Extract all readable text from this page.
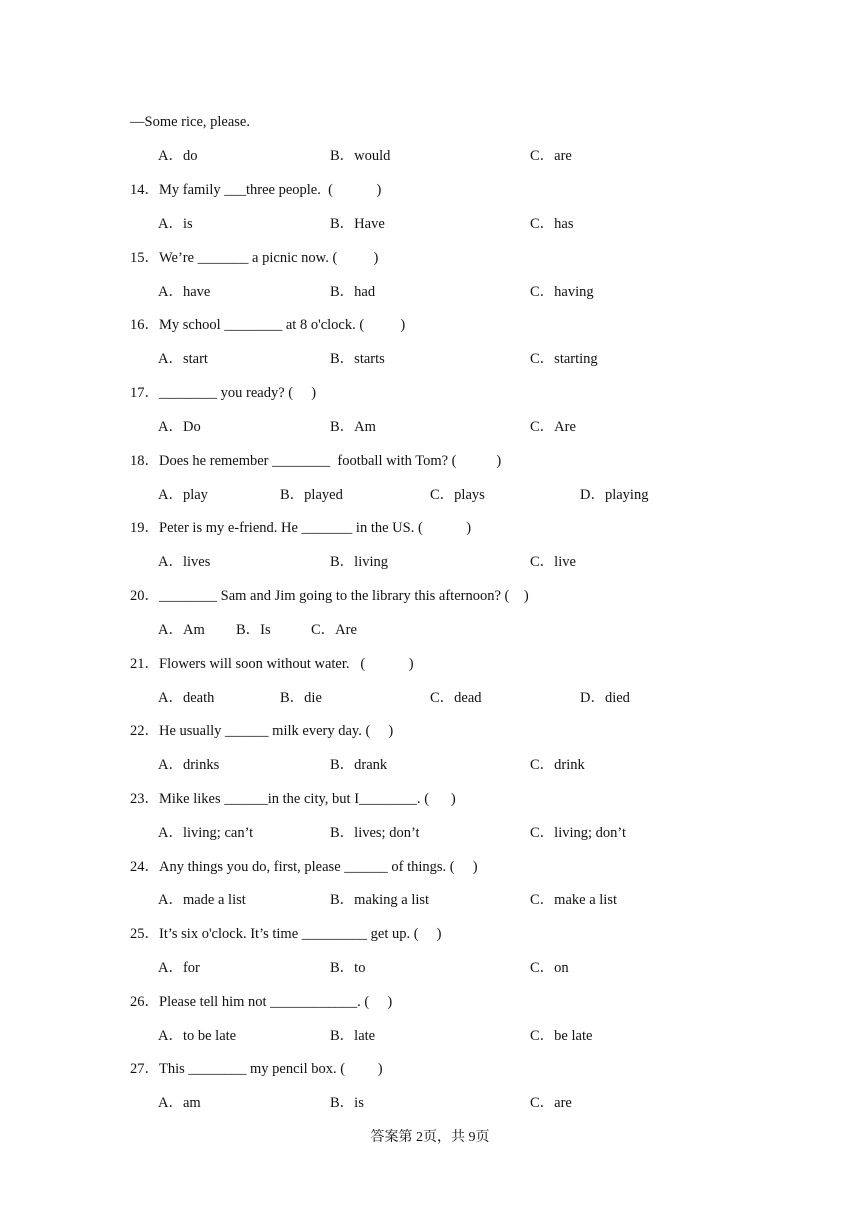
—Some rice, please.
A．do	B．would	C．are
14．My family ___three people.  (            )
A．is	B．Have	C．has
15．We’re _______ a picnic now. (          )
A．have	B．had	C．having
16．My school ________ at 8 o'clock. (          )
A．start	B．starts	C．starting
17．________ you ready? (     )
A．Do	B．Am	C．Are
18．Does he remember ________  football with Tom? (           )
A．play	B．played	C．plays	D．playing
19．Peter is my e-friend. He _______ in the US. (            )
A．lives	B．living	C．live
20．________ Sam and Jim going to the library this afternoon? (    )
A．Am B．Is	C．Are
21．Flowers will soon without water.   (            )
A．death	B．die	C．dead	D．died
22．He usually ______ milk every day. (     )
A．drinks	B．drank	C．drink
23．Mike likes ______in the city, but I________. (      )
A．living; can’t	B．lives; don’t	C．living; don’t
24．Any things you do, first, please ______ of things. (     )
A．made a list	B．making a list	C．make a list
25．It’s six o'clock. It’s time _________ get up. (     )
A．for	B．to	C．on
26．Please tell him not ____________. (     )
A．to be late	B．late	C．be late
27．This ________ my pencil box. (         )
A．am	B．is	C．are
答案第 2页，共 9页
